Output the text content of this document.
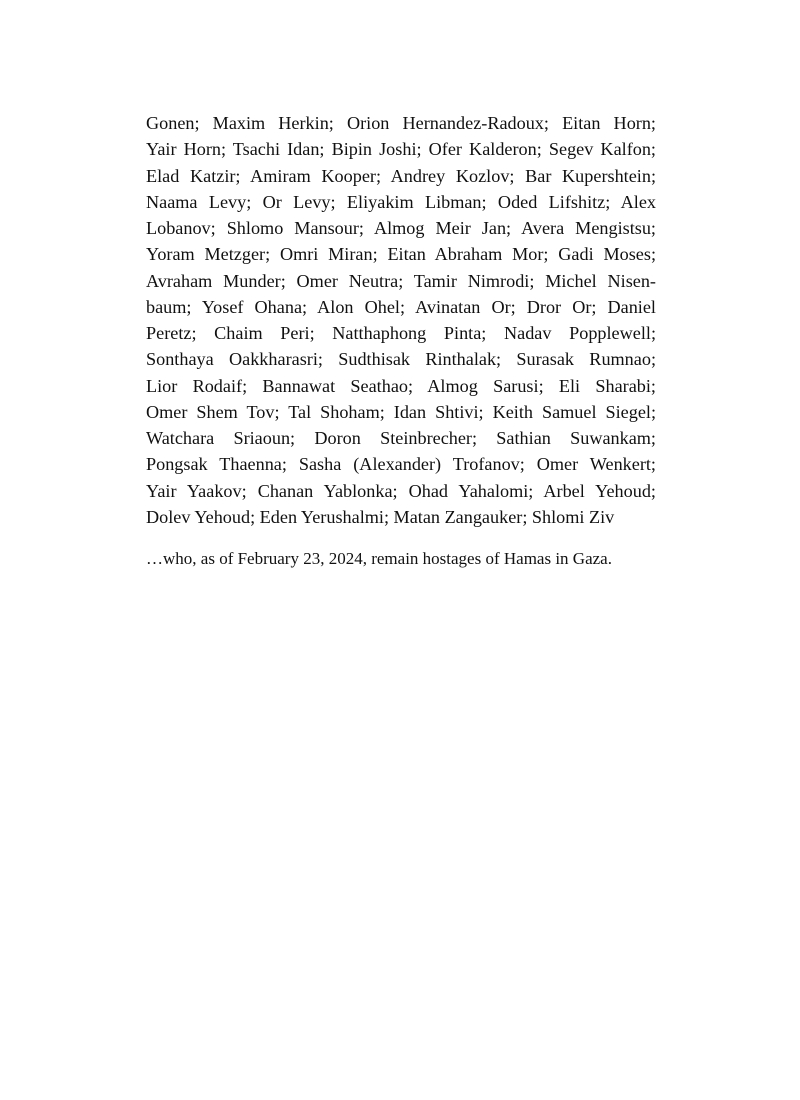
Gonen; Maxim Herkin; Orion Hernandez-Radoux; Eitan Horn;
Yair Horn; Tsachi Idan; Bipin Joshi; Ofer Kalderon; Segev Kalfon;
Elad Katzir; Amiram Kooper; Andrey Kozlov; Bar Kupershtein;
Naama Levy; Or Levy; Eliyakim Libman; Oded Lifshitz; Alex
Lobanov; Shlomo Mansour; Almog Meir Jan; Avera Mengistsu;
Yoram Metzger; Omri Miran; Eitan Abraham Mor; Gadi Moses;
Avraham Munder; Omer Neutra; Tamir Nimrodi; Michel Nisen-
baum; Yosef Ohana; Alon Ohel; Avinatan Or; Dror Or; Daniel
Peretz; Chaim Peri; Natthaphong Pinta; Nadav Popplewell;
Sonthaya Oakkharasri; Sudthisak Rinthalak; Surasak Rumnao;
Lior Rodaif; Bannawat Seathao; Almog Sarusi; Eli Sharabi;
Omer Shem Tov; Tal Shoham; Idan Shtivi; Keith Samuel Siegel;
Watchara Sriaoun; Doron Steinbrecher; Sathian Suwankam;
Pongsak Thaenna; Sasha (Alexander) Trofanov; Omer Wenkert;
Yair Yaakov; Chanan Yablonka; Ohad Yahalomi; Arbel Yehoud;
Dolev Yehoud; Eden Yerushalmi; Matan Zangauker; Shlomi Ziv
…who, as of February 23, 2024, remain hostages of Hamas in Gaza.
